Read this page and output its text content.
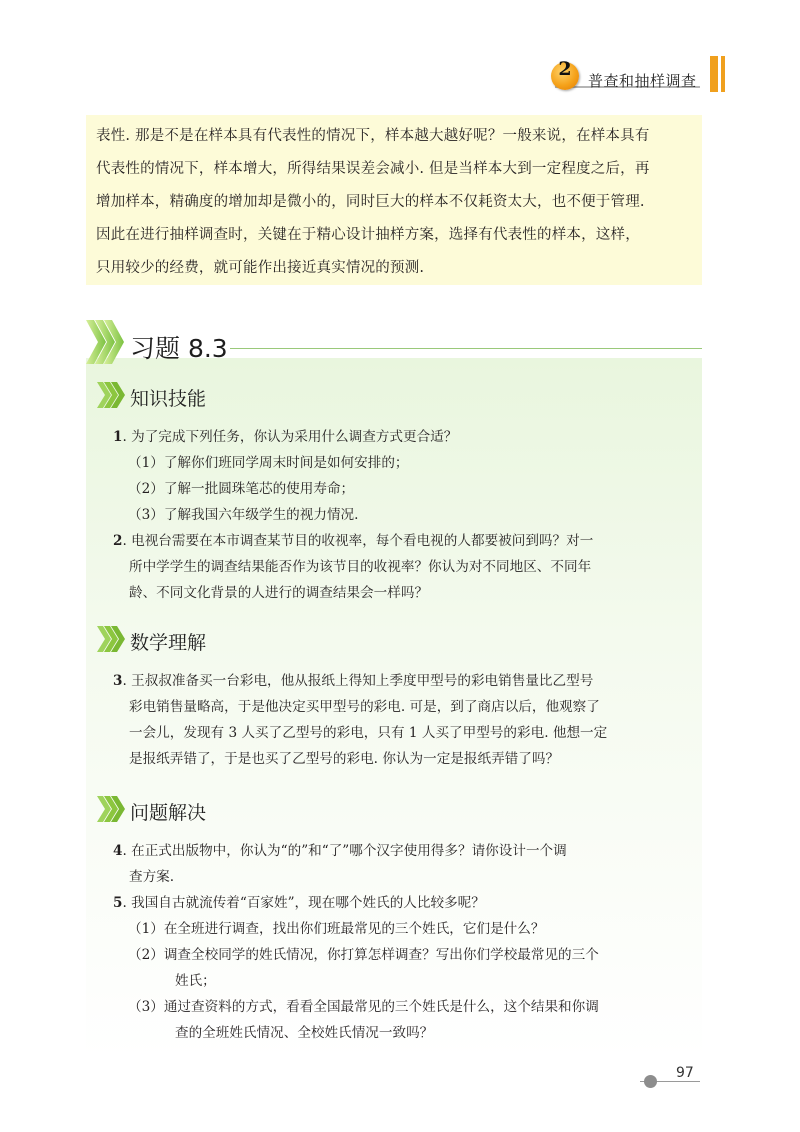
2
普查和抽样调查

表性. 那是不是在样本具有代表性的情况下，样本越大越好呢？一般来说，在样本具有

代表性的情况下，样本增大，所得结果误差会减小. 但是当样本大到一定程度之后，再

增加样本，精确度的增加却是微小的，同时巨大的样本不仅耗资太大，也不便于管理.

因此在进行抽样调查时，关键在于精心设计抽样方案，选择有代表性的样本，这样，

只用较少的经费，就可能作出接近真实情况的预测.

习题 8.3
知识技能
1. 为了完成下列任务，你认为采用什么调查方式更合适？
（1）了解你们班同学周末时间是如何安排的；
（2）了解一批圆珠笔芯的使用寿命；
（3）了解我国六年级学生的视力情况.
2. 电视台需要在本市调查某节目的收视率，每个看电视的人都要被问到吗？对一
所中学学生的调查结果能否作为该节目的收视率？你认为对不同地区、不同年
龄、不同文化背景的人进行的调查结果会一样吗？
数学理解
3. 王叔叔准备买一台彩电，他从报纸上得知上季度甲型号的彩电销售量比乙型号
彩电销售量略高，于是他决定买甲型号的彩电. 可是，到了商店以后，他观察了
一会儿，发现有 3 人买了乙型号的彩电，只有 1 人买了甲型号的彩电. 他想一定
是报纸弄错了，于是也买了乙型号的彩电. 你认为一定是报纸弄错了吗？
问题解决
4. 在正式出版物中，你认为“的”和“了”哪个汉字使用得多？请你设计一个调
查方案.
5. 我国自古就流传着“百家姓”，现在哪个姓氏的人比较多呢？
（1）在全班进行调查，找出你们班最常见的三个姓氏，它们是什么？
（2）调查全校同学的姓氏情况，你打算怎样调查？写出你们学校最常见的三个
姓氏；
（3）通过查资料的方式，看看全国最常见的三个姓氏是什么，这个结果和你调
查的全班姓氏情况、全校姓氏情况一致吗？
97
